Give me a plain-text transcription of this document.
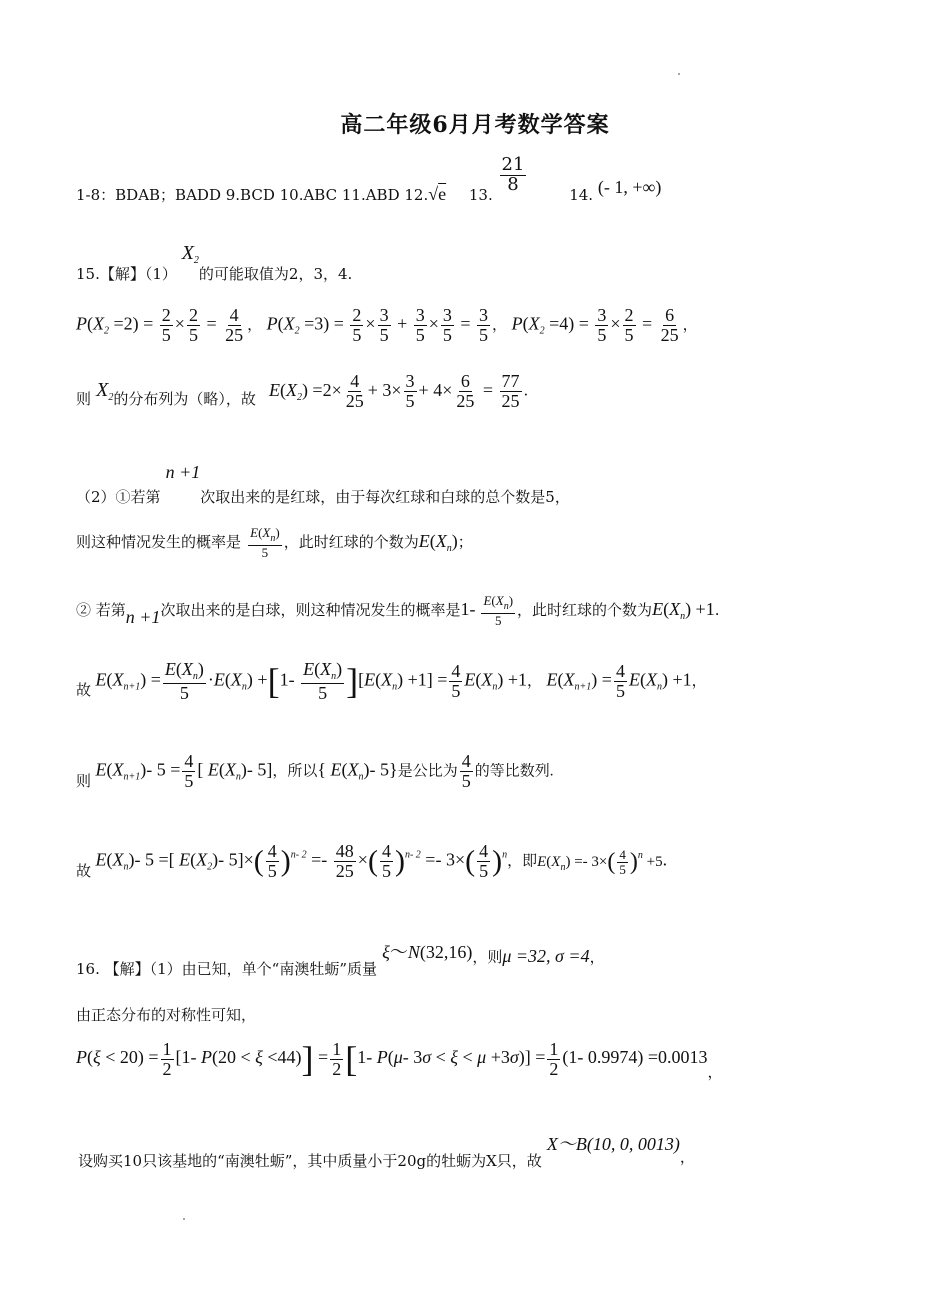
高二年级6月月考数学答案
1-8：BDAB；BADD 9.BCD 10.ABC 11.ABD 12.√e 13.
$\frac{21}{8}$
14. (- 1, +∞)
15.【解】（1） $X_2$的可能取值为2，3，4.
$P(X_2 =2) = \frac{2}{5} \times \frac{2}{5} = \frac{4}{25}$ ， $P(X_2 =3) = \frac{2}{5} \times \frac{3}{5} + \frac{3}{5} \times \frac{3}{5} = \frac{3}{5}$ ， $P(X_2 =4) = \frac{3}{5} \times \frac{2}{5} = \frac{6}{25}$ ，
则 $X_2$的分布列为（略），故 $E(X_2) =2\times \frac{4}{25} + 3\times \frac{3}{5} + 4\times \frac{6}{25} = \frac{77}{25}$ .
（2）①若第 n +1次取出来的是红球，由于每次红球和白球的总个数是5，
则这种情况发生的概率是 $\frac{E(X_n)}{5}$ ，此时红球的个数为$E(X_n)$；
② 若第n +1次取出来的是白球，则这种情况发生的概率是$1- \frac{E(X_n)}{5}$ ，此时红球的个数为$E(X_n) +1$.
$_故$ $E(X_{n+1}) = \frac{E(X_n)}{5} \cdot E(X_n) +[1- \frac{E(X_n)}{5} ][E(X_n) +1] = \frac{4}{5} E(X_n) +1$， $E(X_{n+1}) = \frac{4}{5} E(X_n) +1$，
$_则$ $E(X_{n+1})-$ $5 = \frac{4}{5}$ [ $E(X_n)-$ 5]，所以{ $E(X_n)-$ 5}是公比为 $\frac{4}{5}$ 的等比数列.
$_故$ $E(X_n)-$ 5 =[ $E(X_2)-$ $5]\times( \frac{4}{5} )^{n- 2} =- \frac{48}{25}$ ×( $\frac{4}{5} )^{n- 2} =- 3\times( \frac{4}{5} )^n$，即$E(X_n) =- 3\times( \frac{4}{5} )^n +5$.
16. 【解】（1）由已知，单个“南澳牡蛎”质量 ξ～N(32,16)，则μ =32, σ =4，
由正态分布的对称性可知，
$P(\xi < 20) = \frac{1}{2} [1-$ $P(20 < \xi <44)] = \frac{1}{2} [1-$ P(μ- $3\sigma < \xi < \mu +3\sigma)] = \frac{1}{2} (1-$ $0.9974) =0.0013_,$
设购买10只该基地的“南澳牡蛎”，其中质量小于20g的牡蛎为X只，故 X～B(10, 0, 0013)，
